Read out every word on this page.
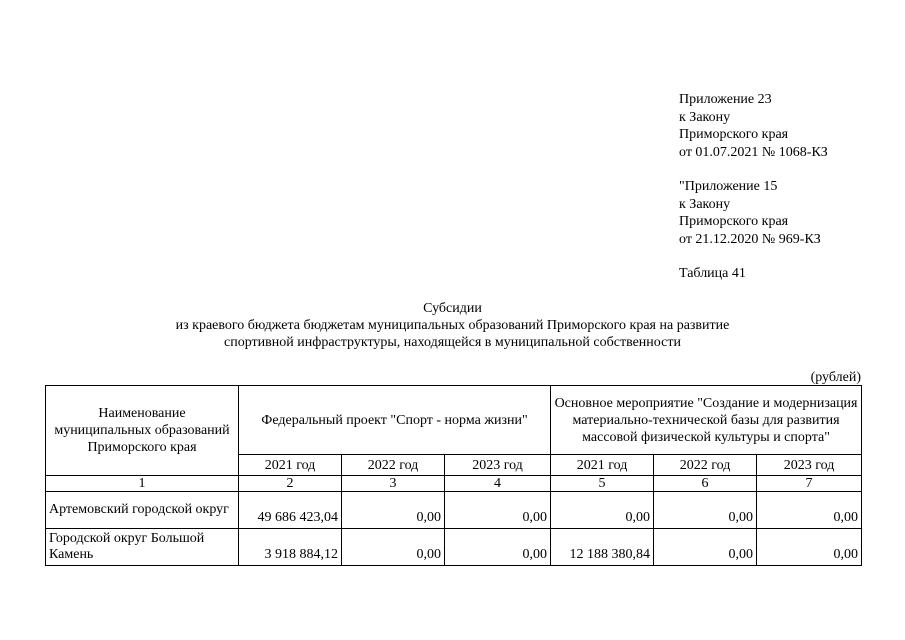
Приложение 23
к Закону
Приморского края
от 01.07.2021 № 1068-КЗ
"Приложение 15
к Закону
Приморского края
от 21.12.2020 № 969-КЗ
Таблица 41
Субсидии
из краевого бюджета бюджетам муниципальных образований Приморского края на развитие
спортивной инфраструктуры, находящейся в муниципальной собственности
(рублей)
Наименование муниципальных образований Приморского края	Федеральный проект "Спорт - норма жизни"			Основное мероприятие "Создание и модернизация материально-технической базы для развития массовой физической культуры и спорта"		
	2021 год	2022 год	2023 год	2021 год	2022 год	2023 год
1	2	3	4	5	6	7
Артемовский городской округ	49 686 423,04	0,00	0,00	0,00	0,00	0,00
Городской округ Большой Камень	3 918 884,12	0,00	0,00	12 188 380,84	0,00	0,00
